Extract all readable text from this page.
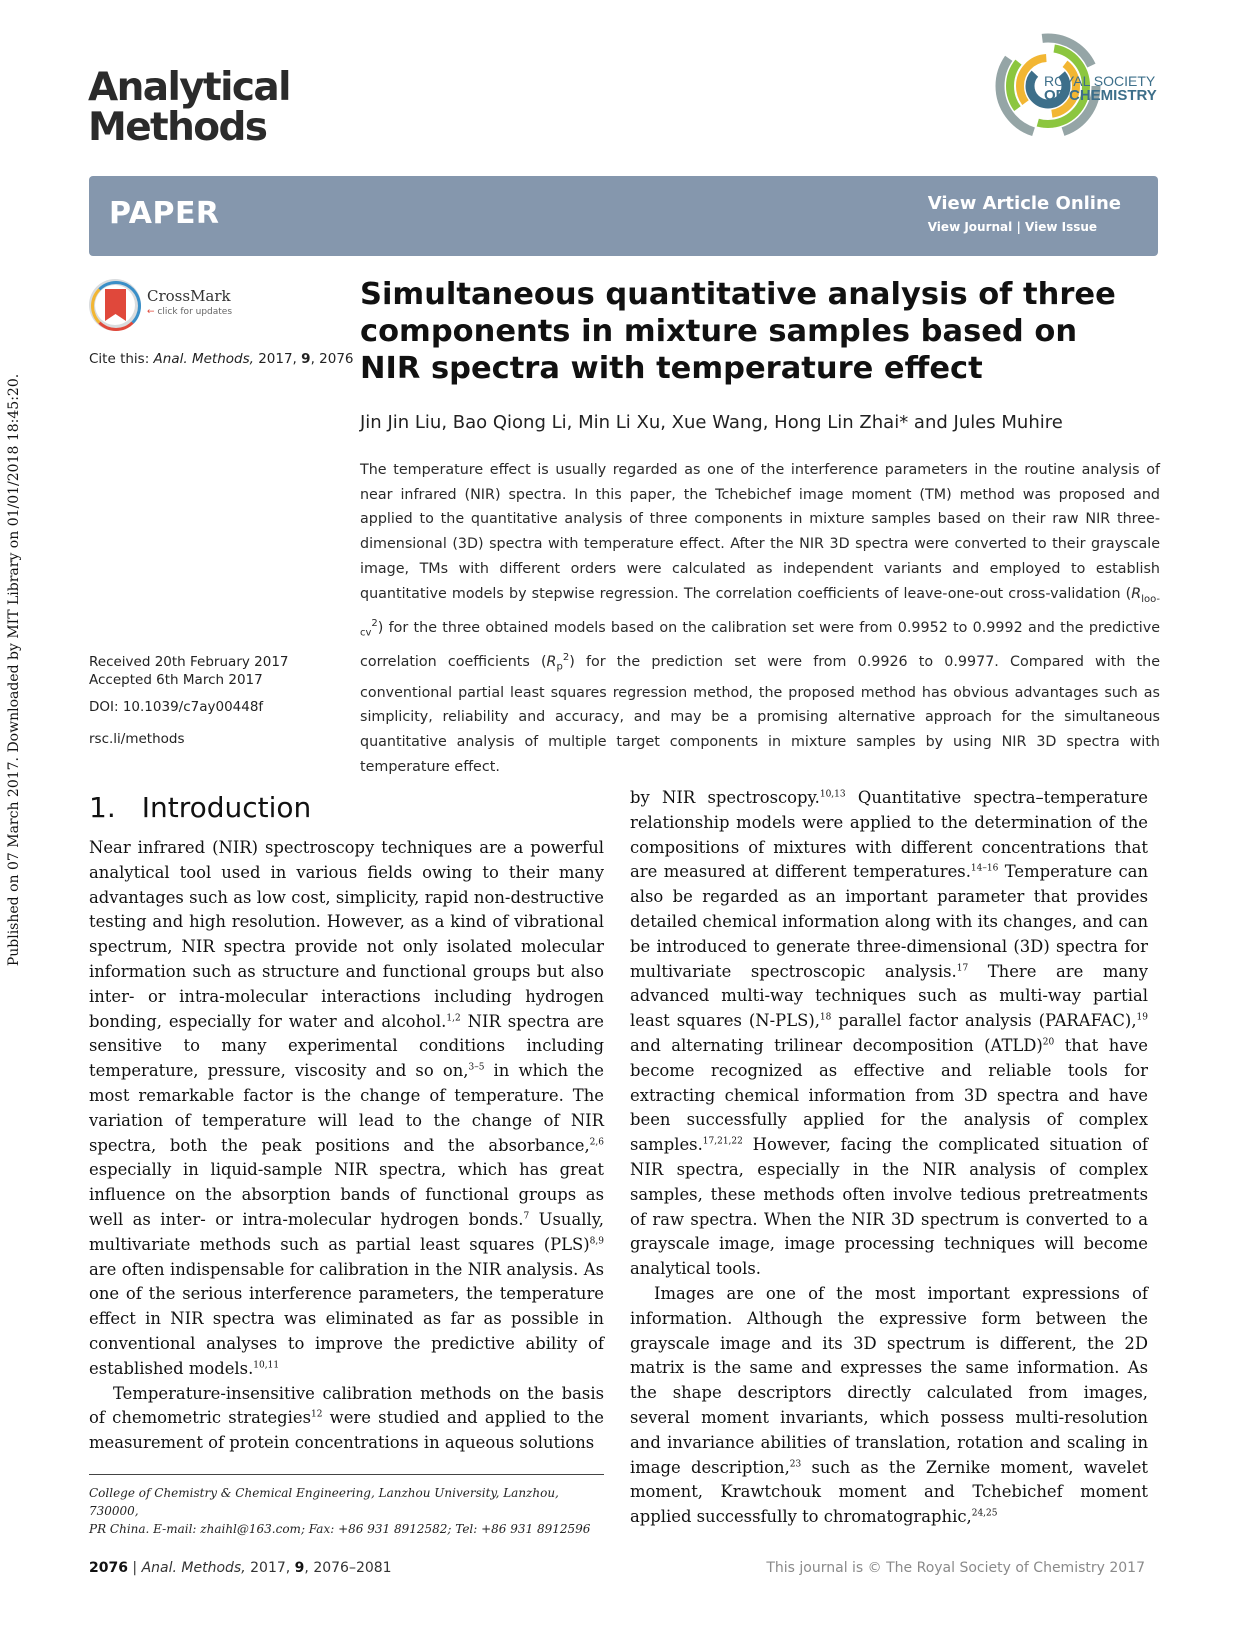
Published on 07 March 2017. Downloaded by MIT Library on 01/01/2018 18:45:20.
Analytical
Methods
ROYAL SOCIETY
OF CHEMISTRY
PAPER	View Article Online
View Journal | View Issue
CrossMark
← click for updates
Cite this: Anal. Methods, 2017, 9, 2076
Received 20th February 2017
Accepted 6th March 2017
DOI: 10.1039/c7ay00448f
rsc.li/methods
Simultaneous quantitative analysis of three components in mixture samples based on NIR spectra with temperature effect
Jin Jin Liu, Bao Qiong Li, Min Li Xu, Xue Wang, Hong Lin Zhai* and Jules Muhire
The temperature effect is usually regarded as one of the interference parameters in the routine analysis of near infrared (NIR) spectra. In this paper, the Tchebichef image moment (TM) method was proposed and applied to the quantitative analysis of three components in mixture samples based on their raw NIR three-dimensional (3D) spectra with temperature effect. After the NIR 3D spectra were converted to their grayscale image, TMs with different orders were calculated as independent variants and employed to establish quantitative models by stepwise regression. The correlation coefficients of leave-one-out cross-validation $(R_{loo-cv}^2)$ for the three obtained models based on the calibration set were from 0.9952 to 0.9992 and the predictive correlation coefficients $(R_p^2)$ for the prediction set were from 0.9926 to 0.9977. Compared with the conventional partial least squares regression method, the proposed method has obvious advantages such as simplicity, reliability and accuracy, and may be a promising alternative approach for the simultaneous quantitative analysis of multiple target components in mixture samples by using NIR 3D spectra with temperature effect.
1. Introduction

Near infrared (NIR) spectroscopy techniques are a powerful analytical tool used in various fields owing to their many advantages such as low cost, simplicity, rapid non-destructive testing and high resolution. However, as a kind of vibrational spectrum, NIR spectra provide not only isolated molecular information such as structure and functional groups but also inter- or intra-molecular interactions including hydrogen bonding, especially for water and alcohol.$^{1,2}$ NIR spectra are sensitive to many experimental conditions including temperature, pressure, viscosity and so on,$^{3-5}$ in which the most remarkable factor is the change of temperature. The variation of temperature will lead to the change of NIR spectra, both the peak positions and the absorbance,$^{2,6}$ especially in liquid-sample NIR spectra, which has great influence on the absorption bands of functional groups as well as inter- or intra-molecular hydrogen bonds.$^7$ Usually, multivariate methods such as partial least squares (PLS)$^{8,9}$ are often indispensable for calibration in the NIR analysis. As one of the serious interference parameters, the temperature effect in NIR spectra was eliminated as far as possible in conventional analyses to improve the predictive ability of established models.$^{10,11}$

Temperature-insensitive calibration methods on the basis of chemometric strategies$^{12}$ were studied and applied to the measurement of protein concentrations in aqueous solutions

by NIR spectroscopy.$^{10,13}$ Quantitative spectra–temperature relationship models were applied to the determination of the compositions of mixtures with different concentrations that are measured at different temperatures.$^{14-16}$ Temperature can also be regarded as an important parameter that provides detailed chemical information along with its changes, and can be introduced to generate three-dimensional (3D) spectra for multivariate spectroscopic analysis.$^{17}$ There are many advanced multi-way techniques such as multi-way partial least squares (N-PLS),$^{18}$ parallel factor analysis (PARAFAC),$^{19}$ and alternating trilinear decomposition (ATLD)$^{20}$ that have become recognized as effective and reliable tools for extracting chemical information from 3D spectra and have been successfully applied for the analysis of complex samples.$^{17,21,22}$ However, facing the complicated situation of NIR spectra, especially in the NIR analysis of complex samples, these methods often involve tedious pretreatments of raw spectra. When the NIR 3D spectrum is converted to a grayscale image, image processing techniques will become analytical tools.

Images are one of the most important expressions of information. Although the expressive form between the grayscale image and its 3D spectrum is different, the 2D matrix is the same and expresses the same information. As the shape descriptors directly calculated from images, several moment invariants, which possess multi-resolution and invariance abilities of translation, rotation and scaling in image description,$^{23}$ such as the Zernike moment, wavelet moment, Krawtchouk moment and Tchebichef moment applied successfully to chromatographic,$^{24,25}$

College of Chemistry & Chemical Engineering, Lanzhou University, Lanzhou, 730000,
PR China. E-mail: zhaihl@163.com; Fax: +86 931 8912582; Tel: +86 931 8912596
2076 | Anal. Methods, 2017, 9, 2076–2081	This journal is © The Royal Society of Chemistry 2017
